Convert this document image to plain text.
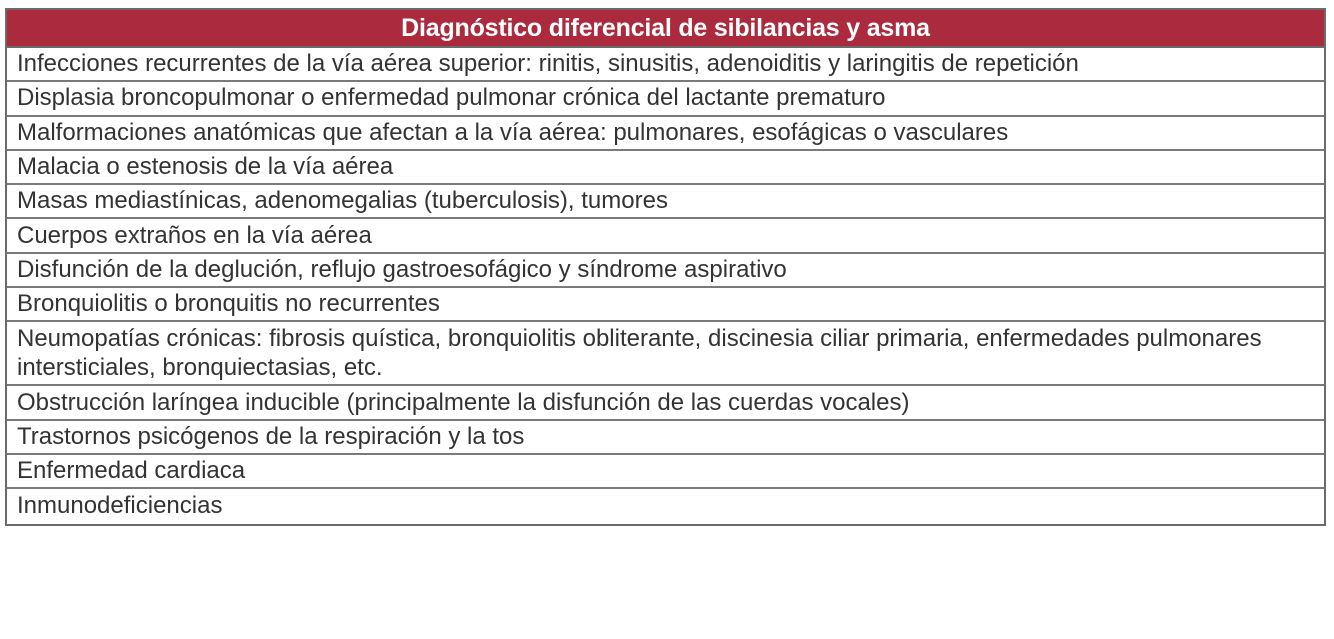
Diagnóstico diferencial de sibilancias y asma
Infecciones recurrentes de la vía aérea superior: rinitis, sinusitis, adenoiditis y laringitis de repetición
Displasia broncopulmonar o enfermedad pulmonar crónica del lactante prematuro
Malformaciones anatómicas que afectan a la vía aérea: pulmonares, esofágicas o vasculares
Malacia o estenosis de la vía aérea
Masas mediastínicas, adenomegalias (tuberculosis), tumores
Cuerpos extraños en la vía aérea
Disfunción de la deglución, reflujo gastroesofágico y síndrome aspirativo
Bronquiolitis o bronquitis no recurrentes
Neumopatías crónicas: fibrosis quística, bronquiolitis obliterante, discinesia ciliar primaria, enfermedades pulmonares intersticiales, bronquiectasias, etc.
Obstrucción laríngea inducible (principalmente la disfunción de las cuerdas vocales)
Trastornos psicógenos de la respiración y la tos
Enfermedad cardiaca
Inmunodeficiencias
